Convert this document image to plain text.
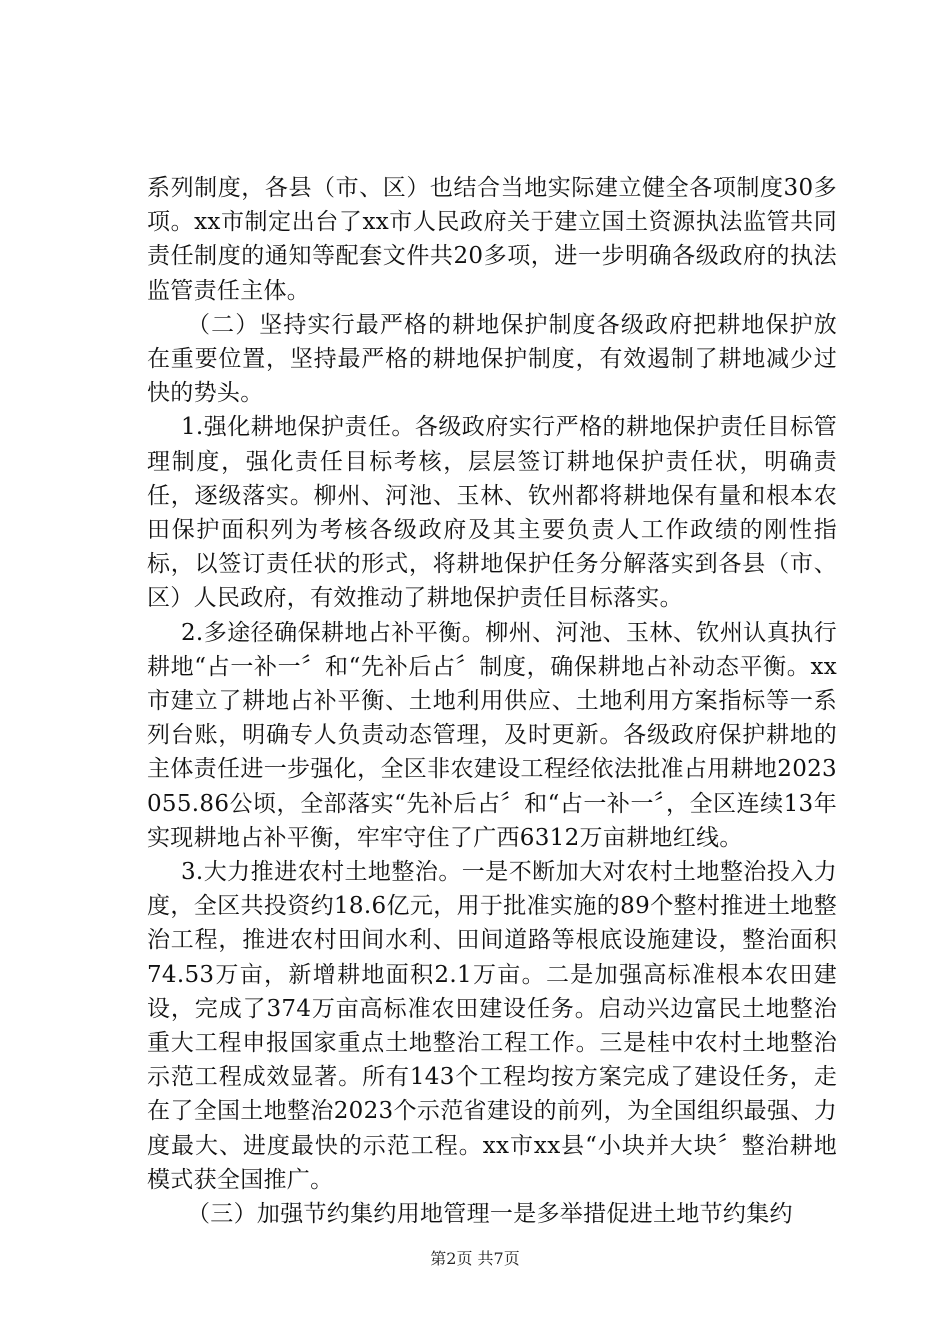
系列制度，各县（市、区）也结合当地实际建立健全各项制度30多项。xx市制定出台了xx市人民政府关于建立国土资源执法监管共同责任制度的通知等配套文件共20多项，进一步明确各级政府的执法监管责任主体。

（二）坚持实行最严格的耕地保护制度各级政府把耕地保护放在重要位置，坚持最严格的耕地保护制度，有效遏制了耕地减少过快的势头。

1.强化耕地保护责任。各级政府实行严格的耕地保护责任目标管理制度，强化责任目标考核，层层签订耕地保护责任状，明确责任，逐级落实。柳州、河池、玉林、钦州都将耕地保有量和根本农田保护面积列为考核各级政府及其主要负责人工作政绩的刚性指标，以签订责任状的形式，将耕地保护任务分解落实到各县（市、区）人民政府，有效推动了耕地保护责任目标落实。

2.多途径确保耕地占补平衡。柳州、河池、玉林、钦州认真执行耕地“占一补一〞和“先补后占〞制度，确保耕地占补动态平衡。xx市建立了耕地占补平衡、土地利用供应、土地利用方案指标等一系列台账，明确专人负责动态管理，及时更新。各级政府保护耕地的主体责任进一步强化，全区非农建设工程经依法批准占用耕地2023055.86公顷，全部落实“先补后占〞和“占一补一〞，全区连续13年实现耕地占补平衡，牢牢守住了广西6312万亩耕地红线。

3.大力推进农村土地整治。一是不断加大对农村土地整治投入力度，全区共投资约18.6亿元，用于批准实施的89个整村推进土地整治工程，推进农村田间水利、田间道路等根底设施建设，整治面积74.53万亩，新增耕地面积2.1万亩。二是加强高标准根本农田建设，完成了374万亩高标准农田建设任务。启动兴边富民土地整治重大工程申报国家重点土地整治工程工作。三是桂中农村土地整治示范工程成效显著。所有143个工程均按方案完成了建设任务，走在了全国土地整治2023个示范省建设的前列，为全国组织最强、力度最大、进度最快的示范工程。xx市xx县“小块并大块〞整治耕地模式获全国推广。

（三）加强节约集约用地管理一是多举措促进土地节约集约

第2页 共7页
